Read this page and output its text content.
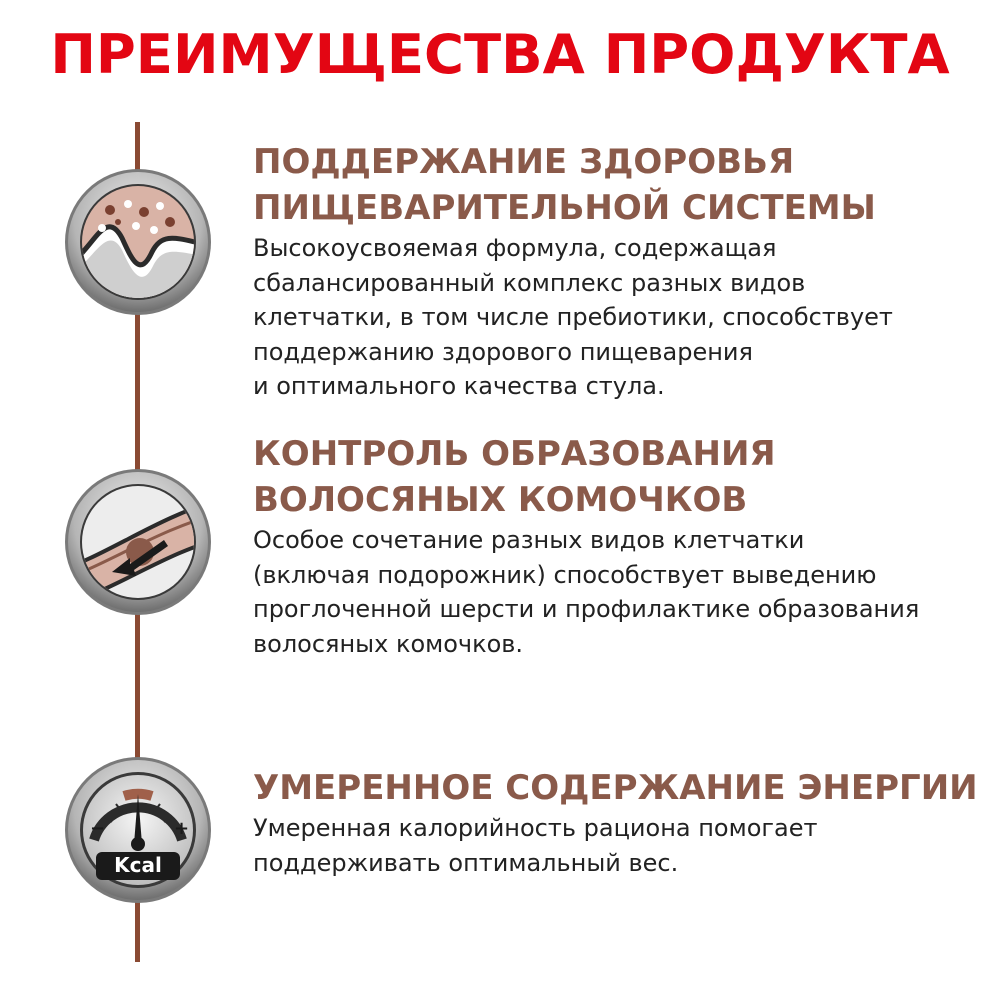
ПРЕИМУЩЕСТВА ПРОДУКТА
−	+
Kcal
ПОДДЕРЖАНИЕ ЗДОРОВЬЯ
ПИЩЕВАРИТЕЛЬНОЙ СИСТЕМЫ
Высокоусвояемая формула, содержащая
сбалансированный комплекс разных видов
клетчатки, в том числе пребиотики, способствует
поддержанию здорового пищеварения
и оптимального качества стула.
КОНТРОЛЬ ОБРАЗОВАНИЯ
ВОЛОСЯНЫХ КОМОЧКОВ
Особое сочетание разных видов клетчатки
(включая подорожник) способствует выведению
проглоченной шерсти и профилактике образования
волосяных комочков.
УМЕРЕННОЕ СОДЕРЖАНИЕ ЭНЕРГИИ
Умеренная калорийность рациона помогает
поддерживать оптимальный вес.
